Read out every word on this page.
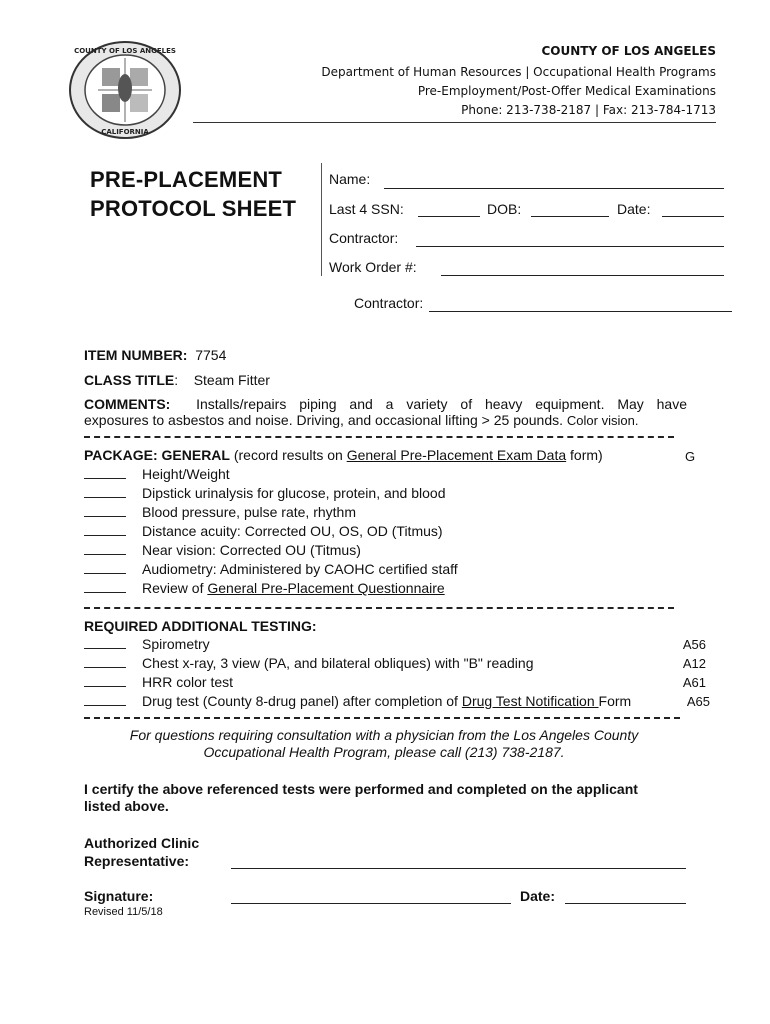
COUNTY OF LOS ANGELES
CALIFORNIA
COUNTY OF LOS ANGELES
Department of Human Resources | Occupational Health Programs
Pre-Employment/Post-Offer Medical Examinations
Phone: 213-738-2187 | Fax: 213-784-1713
PRE-PLACEMENT
PROTOCOL SHEET
Name:
Last 4 SSN:	DOB:	Date:
Contractor:
Work Order #:
Contractor:
ITEM NUMBER: 7754
CLASS TITLE:    Steam Fitter
COMMENTS: Installs/repairs piping and a variety of heavy equipment. May have
exposures to asbestos and noise. Driving, and occasional lifting > 25 pounds. Color vision.
PACKAGE: GENERAL (record results on General Pre-Placement Exam Data form)	G
Height/Weight
Dipstick urinalysis for glucose, protein, and blood
Blood pressure, pulse rate, rhythm
Distance acuity: Corrected OU, OS, OD (Titmus)
Near vision: Corrected OU (Titmus)
Audiometry: Administered by CAOHC certified staff
Review of General Pre-Placement Questionnaire
REQUIRED ADDITIONAL TESTING:
Spirometry	A56
Chest x-ray, 3 view (PA, and bilateral obliques) with "B" reading	A12
HRR color test	A61
Drug test (County 8-drug panel) after completion of Drug Test Notification Form	A65
For questions requiring consultation with a physician from the Los Angeles County
Occupational Health Program, please call (213) 738-2187.
I certify the above referenced tests were performed and completed on the applicant
listed above.
Authorized Clinic
Representative:
Signature:	Date:
Revised 11/5/18
